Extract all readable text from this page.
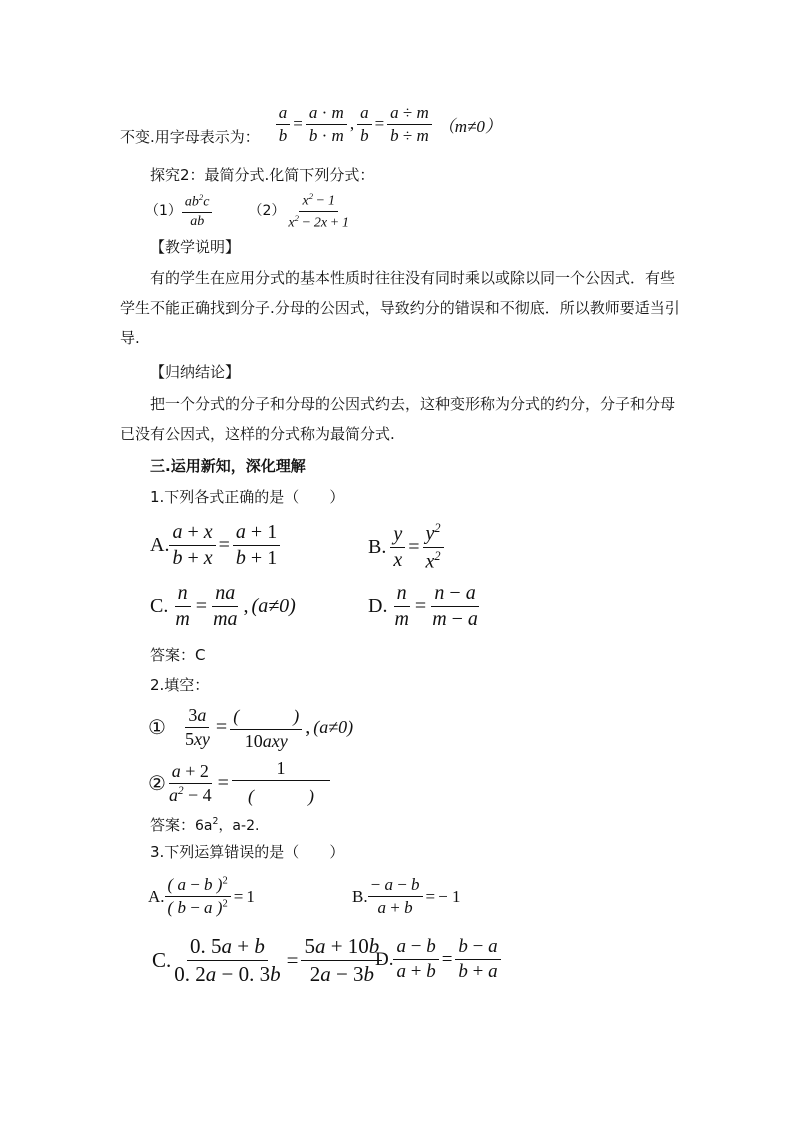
不变.用字母表示为： $\frac{a}{b} = \frac{a \cdot m}{b \cdot m}$ , $\frac{a}{b} = \frac{a \div m}{b \div m} (m\ne 0)$
探究2：最简分式.化简下列分式：
$(1) \frac{ab^2c}{ab}$	$(2) \frac{x^2 - 1}{x^2 - 2x + 1}$
【教学说明】
有的学生在应用分式的基本性质时往往没有同时乘以或除以同一个公因式．有些学生不能正确找到分子.分母的公因式，导致约分的错误和不彻底．所以教师要适当引导.
【归纳结论】
把一个分式的分子和分母的公因式约去，这种变形称为分式的约分，分子和分母已没有公因式，这样的分式称为最简分式.
三.运用新知，深化理解
1.下列各式正确的是（　　）
A. $\frac{a + x}{b + x} = \frac{a + 1}{b + 1}$	B. $\frac{y}{x} = \frac{y^2}{x^2}$
C. $\frac{n}{m} = \frac{na}{ma}$ , (a≠0)	D. $\frac{n}{m} = \frac{n - a}{m - a}$
答案：C
2.填空：
① $\frac{3a}{5xy} = \frac{( )}{\text{10axy}}$ , (a≠0)
② $\frac{a + 2}{a^2 - 4} = \frac{1}{( )}$
答案：$6a^2$，a-2.
3.下列运算错误的是（　　）
A. $\frac{( a - b )^2}{( b - a )^2} = 1$	B. $\frac{- a - b}{a + b}$ = − 1
C. $\frac{0. 5a + b}{0. 2a - 0. 3b} = \frac{5a + 10b}{2a - 3b}$
D. $\frac{a - b}{a + b} = \frac{b - a}{b + a}$
